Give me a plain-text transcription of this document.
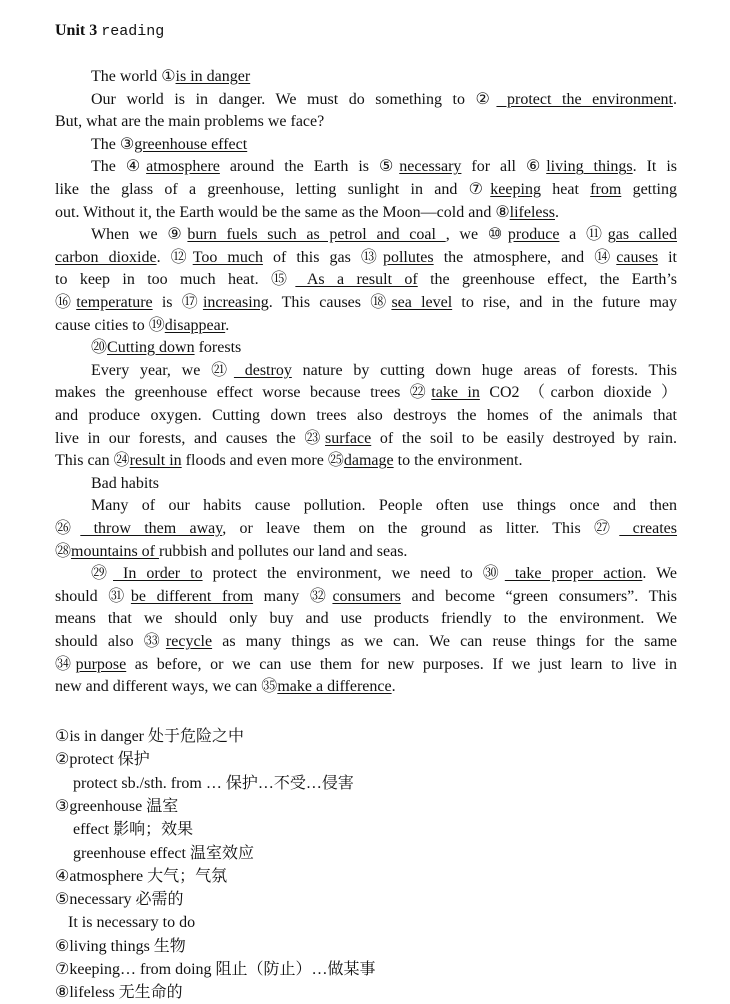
Unit 3 reading
The world ①is in danger
Our world is in danger. We must do something to ② protect the environment.
But, what are the main problems we face?
The ③greenhouse effect
The ④atmosphere around the Earth is ⑤necessary for all ⑥living things. It is
like the glass of a greenhouse, letting sunlight in and ⑦keeping heat from getting
out. Without it, the Earth would be the same as the Moon—cold and ⑧lifeless.
When we ⑨burn fuels such as petrol and coal , we ⑩produce a ⑪gas called
carbon dioxide. ⑫Too much of this gas ⑬pollutes the atmosphere, and ⑭causes it
to keep in too much heat. ⑮ As a result of the greenhouse effect, the Earth’s
⑯temperature is ⑰increasing. This causes ⑱sea level to rise, and in the future may
cause cities to ⑲disappear.
⑳Cutting down forests
Every year, we ㉑ destroy nature by cutting down huge areas of forests. This
makes the greenhouse effect worse because trees ㉒take in CO2 （carbon dioxide ）
and produce oxygen. Cutting down trees also destroys the homes of the animals that
live in our forests, and causes the ㉓surface of the soil to be easily destroyed by rain.
This can ㉔result in floods and even more ㉕damage to the environment.
Bad habits
Many of our habits cause pollution. People often use things once and then
㉖ throw them away, or leave them on the ground as litter. This ㉗ creates
㉘mountains of rubbish and pollutes our land and seas.
㉙ In order to protect the environment, we need to ㉚ take proper action. We
should ㉛be different from many ㉜consumers and become “green consumers”. This
means that we should only buy and use products friendly to the environment. We
should also ㉝recycle as many things as we can. We can reuse things for the same
㉞purpose as before, or we can use them for new purposes. If we just learn to live in
new and different ways, we can ㉟make a difference.
①is in danger 处于危险之中
②protect 保护
protect sb./sth. from … 保护…不受…侵害
③greenhouse 温室
effect 影响；效果
greenhouse effect 温室效应
④atmosphere 大气；气氛
⑤necessary 必需的
It is necessary to do
⑥living things 生物
⑦keeping… from doing 阻止（防止）…做某事
⑧lifeless 无生命的
